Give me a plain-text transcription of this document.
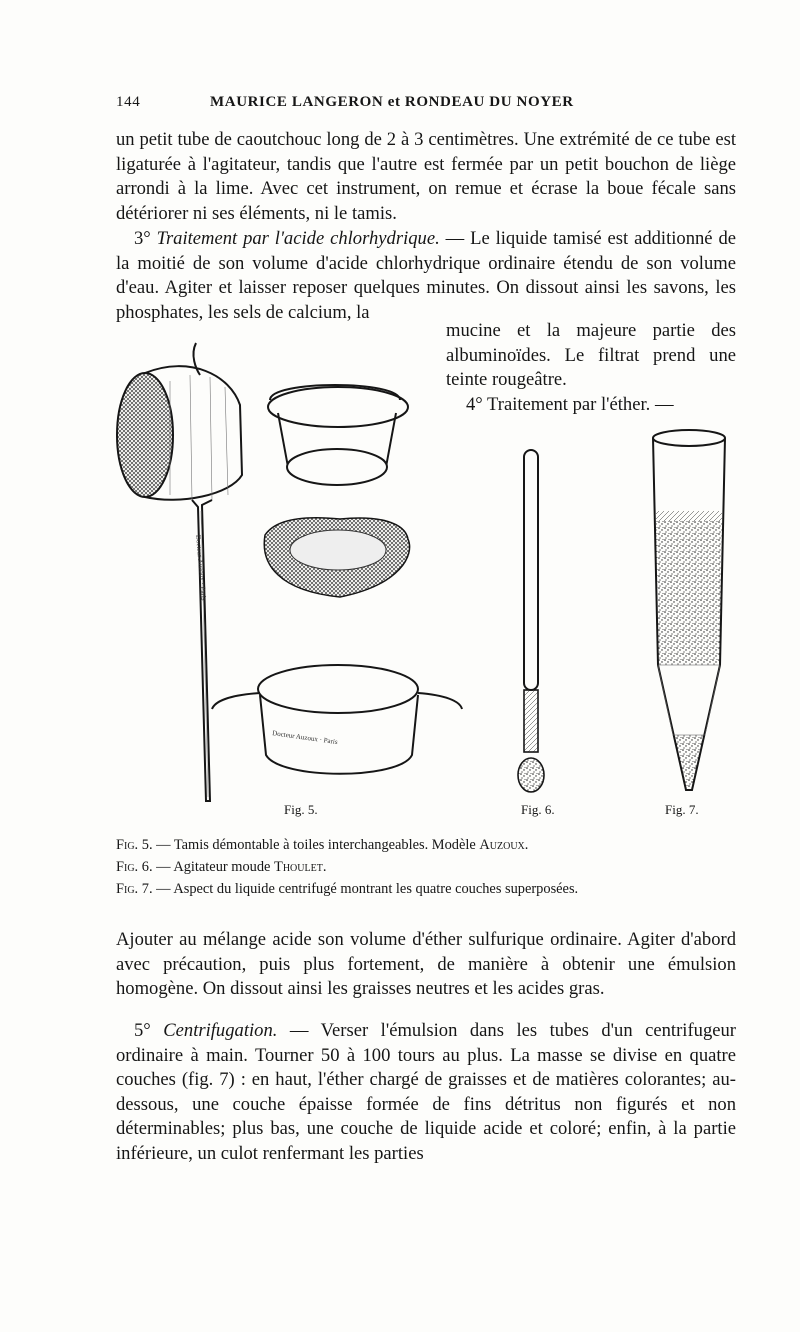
144	MAURICE LANGERON et RONDEAU DU NOYER

un petit tube de caoutchouc long de 2 à 3 centimètres. Une extrémité de ce tube est ligaturée à l'agitateur, tandis que l'autre est fermée par un petit bouchon de liège arrondi à la lime. Avec cet instrument, on remue et écrase la boue fécale sans détériorer ni ses éléments, ni le tamis.

3° Traitement par l'acide chlorhydrique. — Le liquide tamisé est additionné de la moitié de son volume d'acide chlorhydrique ordinaire étendu de son volume d'eau. Agiter et laisser reposer quelques minutes. On dissout ainsi les savons, les phosphates, les sels de calcium, la

mucine et la majeure partie des albuminoïdes. Le filtrat prend une teinte rougeâtre.

4° Traitement par l'éther. —

Docteur Auzoux · Paris
Docteur Auzoux · Paris
Fig. 5.	Fig. 6.	Fig. 7.
Fig. 5. — Tamis démontable à toiles interchangeables. Modèle Auzoux.
Fig. 6. — Agitateur moude Thoulet.
Fig. 7. — Aspect du liquide centrifugé montrant les quatre couches superposées.

Ajouter au mélange acide son volume d'éther sulfurique ordinaire. Agiter d'abord avec précaution, puis plus fortement, de manière à obtenir une émulsion homogène. On dissout ainsi les graisses neutres et les acides gras.

5° Centrifugation. — Verser l'émulsion dans les tubes d'un centrifugeur ordinaire à main. Tourner 50 à 100 tours au plus. La masse se divise en quatre couches (fig. 7) : en haut, l'éther chargé de graisses et de matières colorantes; au-dessous, une couche épaisse formée de fins détritus non figurés et non déterminables; plus bas, une couche de liquide acide et coloré; enfin, à la partie inférieure, un culot renfermant les parties
